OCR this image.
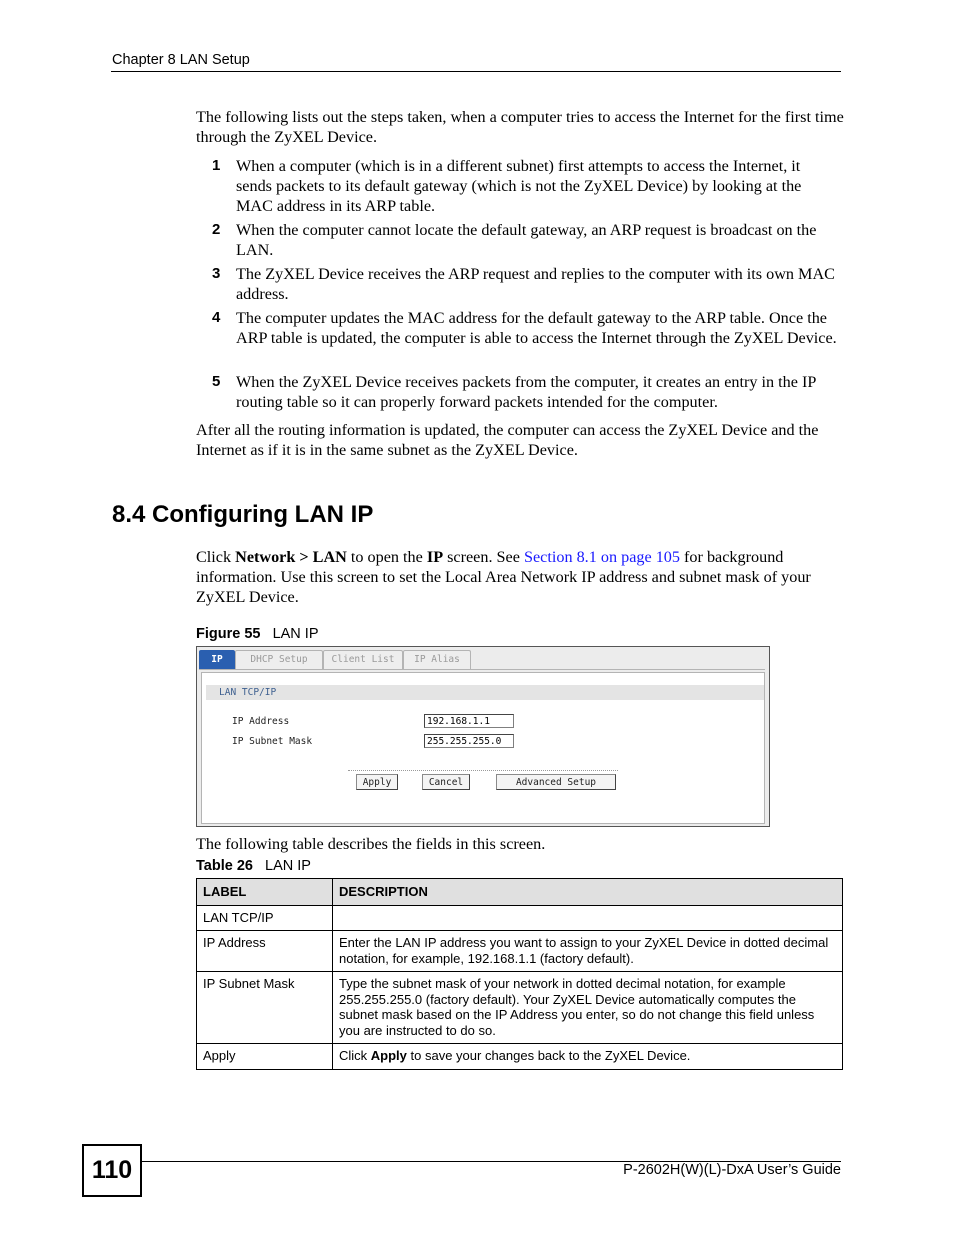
Chapter 8 LAN Setup

The following lists out the steps taken, when a computer tries to access the Internet for the first time through the ZyXEL Device.

1 When a computer (which is in a different subnet) first attempts to access the Internet, it sends packets to its default gateway (which is not the ZyXEL Device) by looking at the MAC address in its ARP table.
2 When the computer cannot locate the default gateway, an ARP request is broadcast on the LAN.
3 The ZyXEL Device receives the ARP request and replies to the computer with its own MAC address.
4 The computer updates the MAC address for the default gateway to the ARP table. Once the ARP table is updated, the computer is able to access the Internet through the ZyXEL Device.
5 When the ZyXEL Device receives packets from the computer, it creates an entry in the IP routing table so it can properly forward packets intended for the computer.

After all the routing information is updated, the computer can access the ZyXEL Device and the Internet as if it is in the same subnet as the ZyXEL Device.

8.4 Configuring LAN IP

Click Network > LAN to open the IP screen. See Section 8.1 on page 105 for background information. Use this screen to set the Local Area Network IP address and subnet mask of your ZyXEL Device.

Figure 55 LAN IP
IP	DHCP Setup	Client List	IP Alias
LAN TCP/IP
IP Address	192.168.1.1
IP Subnet Mask	255.255.255.0
Apply	Cancel	Advanced Setup

The following table describes the fields in this screen.

Table 26 LAN IP
LABEL	DESCRIPTION
LAN TCP/IP	
IP Address	Enter the LAN IP address you want to assign to your ZyXEL Device in dotted decimal notation, for example, 192.168.1.1 (factory default).
IP Subnet Mask	Type the subnet mask of your network in dotted decimal notation, for example 255.255.255.0 (factory default). Your ZyXEL Device automatically computes the subnet mask based on the IP Address you enter, so do not change this field unless you are instructed to do so.
Apply	Click Apply to save your changes back to the ZyXEL Device.
110	P-2602H(W)(L)-DxA User’s Guide
